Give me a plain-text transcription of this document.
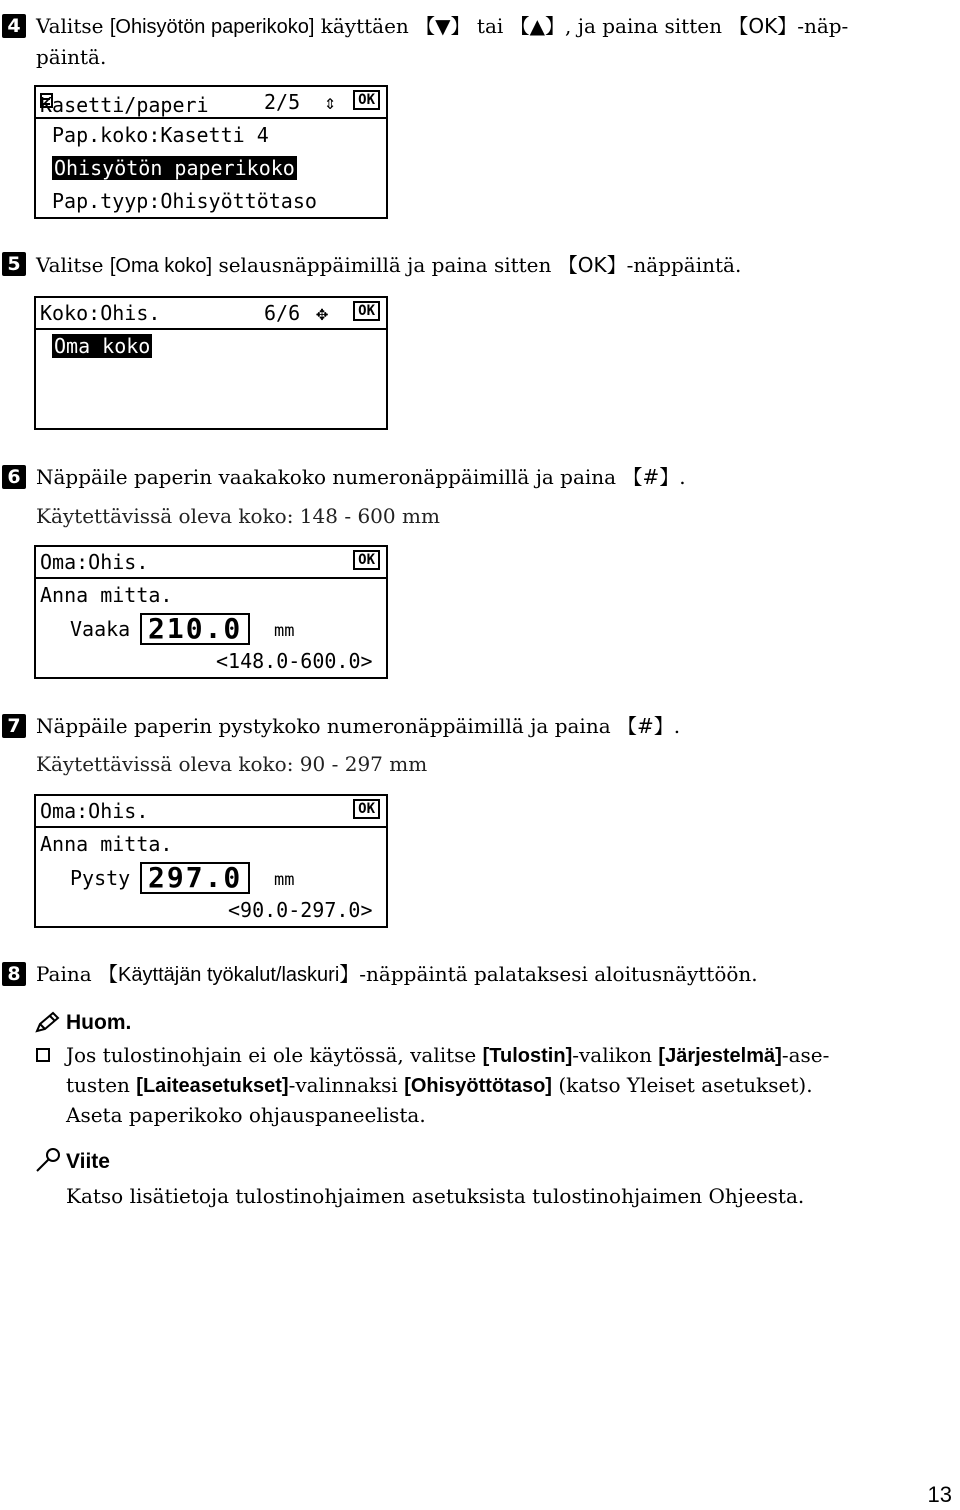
4 Valitse [Ohisyötön paperikoko] käyttäen 【▼】 tai 【▲】, ja paina sitten 【OK】-näp-
päintä.
Kasetti/paperi	2/5 ⇕	OK
Pap.koko:Kasetti 4
Ohisyötön paperikoko
Pap.tyyp:Ohisyöttötaso
5 Valitse [Oma koko] selausnäppäimillä ja paina sitten 【OK】-näppäintä.
Koko:Ohis.	6/6 ✥	OK
Oma koko
6 Näppäile paperin vaakakoko numeronäppäimillä ja paina 【#】.
Käytettävissä oleva koko: 148 - 600 mm
Oma:Ohis.	OK
Anna mitta.
Vaaka 210.0	mm
<148.0-600.0>
7 Näppäile paperin pystykoko numeronäppäimillä ja paina 【#】.
Käytettävissä oleva koko: 90 - 297 mm
Oma:Ohis.	OK
Anna mitta.
Pysty 297.0	mm
<90.0-297.0>
8 Paina 【Käyttäjän työkalut/laskuri】-näppäintä palataksesi aloitusnäyttöön.
Huom.
Jos tulostinohjain ei ole käytössä, valitse [Tulostin]-valikon [Järjestelmä]-ase-
tusten [Laiteasetukset]-valinnaksi [Ohisyöttötaso] (katso Yleiset asetukset).
Aseta paperikoko ohjauspaneelista.
Viite
Katso lisätietoja tulostinohjaimen asetuksista tulostinohjaimen Ohjeesta.
13
